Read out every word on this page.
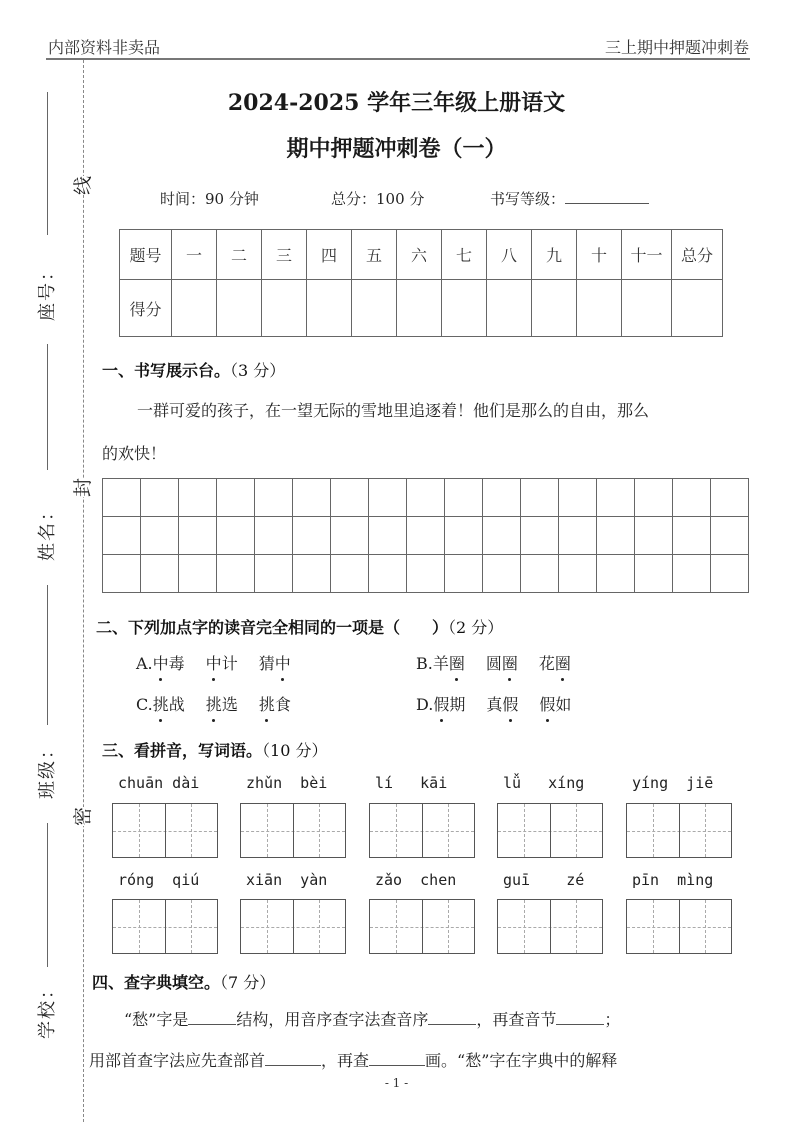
内部资料非卖品	三上期中押题冲刺卷
座号：
姓名：
班级：
学校：
线
封
密
2024-2025 学年三年级上册语文
期中押题冲刺卷（一）
时间：90 分钟	总分：100 分	书写等级：
题号	一	二	三	四	五	六	七	八	九	十	十一	总分
得分												
一、书写展示台。（3 分）
一群可爱的孩子，在一望无际的雪地里追逐着！他们是那么的自由，那么
的欢快！
二、下列加点字的读音完全相同的一项是（　　）（2 分）
A.中毒 中计 猜中	B.羊圈 圆圈 花圈
C.挑战 挑选 挑食	D.假期 真假 假如
三、看拼音，写词语。（10 分）
chuān dài	zhǔn  bèi	lí   kāi	lǚ   xíng	yíng  jiē
róng  qiú	xiān  yàn	zǎo  chen	guī    zé	pīn  mìng
四、查字典填空。（7 分）
“愁”字是	结构，用音序查字法查音序	，再查音节	；
用部首查字法应先查部首	，再查	画。“愁”字在字典中的解释
- 1 -
